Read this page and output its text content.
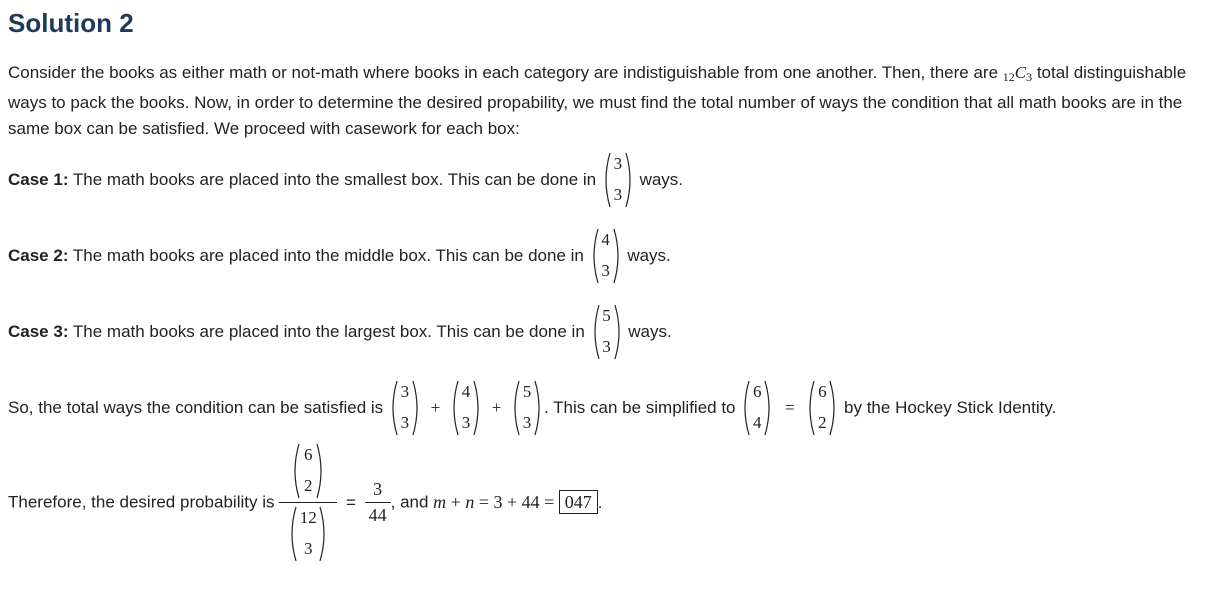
Solution 2
Consider the books as either math or not-math where books in each category are indistiguishable from one another. Then, there are $_{12}C_3$ total distinguishable ways to pack the books. Now, in order to determine the desired propability, we must find the total number of ways the condition that all math books are in the same box can be satisfied. We proceed with casework for each box:
Case 1: The math books are placed into the smallest box. This can be done in
3
3
ways.
Case 2: The math books are placed into the middle box. This can be done in
4
3
ways.
Case 3: The math books are placed into the largest box. This can be done in
5
3
ways.
So, the total ways the condition can be satisfied is
3
3
+
4
3
+
5
3
. This can be simplified to
6
4
=
6
2
by the Hockey Stick Identity.
Therefore, the desired probability is 6
2
12
$3 = \frac{3}{44}$ , and m + n = 3 + 44 = 047 .
